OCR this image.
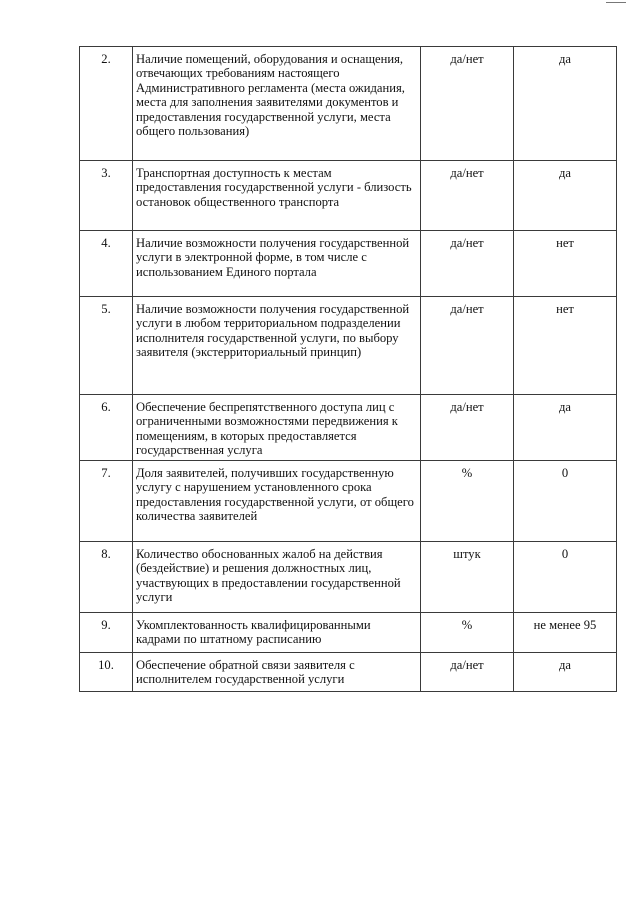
2.	Наличие помещений, оборудования и оснащения, отвечающих требованиям настоящего Административного регламента (места ожидания, места для заполнения заявителями документов и предоставления государственной услуги, места общего пользования)	да/нет	да
3.	Транспортная доступность к местам предоставления государственной услуги - близость остановок общественного транспорта	да/нет	да
4.	Наличие возможности получения государственной услуги в электронной форме, в том числе с использованием Единого портала	да/нет	нет
5.	Наличие возможности получения государственной услуги в любом территориальном подразделении исполнителя государственной услуги, по выбору заявителя (экстерриториальный принцип)	да/нет	нет
6.	Обеспечение беспрепятственного доступа лиц с ограниченными возможностями передвижения к помещениям, в которых предоставляется государственная услуга	да/нет	да
7.	Доля заявителей, получивших государственную услугу с нарушением установленного срока предоставления государственной услуги, от общего количества заявителей	%	0
8.	Количество обоснованных жалоб на действия (бездействие) и решения должностных лиц, участвующих в предоставлении государственной услуги	штук	0
9.	Укомплектованность квалифицированными кадрами по штатному расписанию	%	не менее 95
10.	Обеспечение обратной связи заявителя с исполнителем государственной услуги	да/нет	да
